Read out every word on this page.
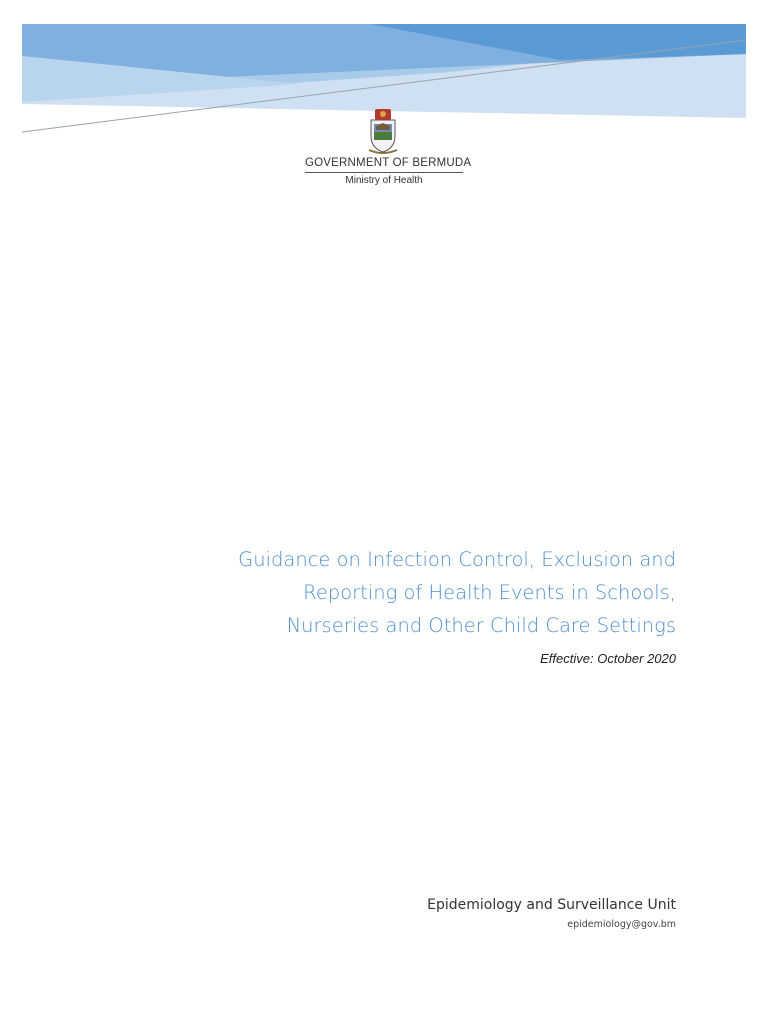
GOVERNMENT OF BERMUDA
Ministry of Health
Guidance on Infection Control, Exclusion and
Reporting of Health Events in Schools,
Nurseries and Other Child Care Settings
Effective: October 2020
Epidemiology and Surveillance Unit
epidemiology@gov.bm
